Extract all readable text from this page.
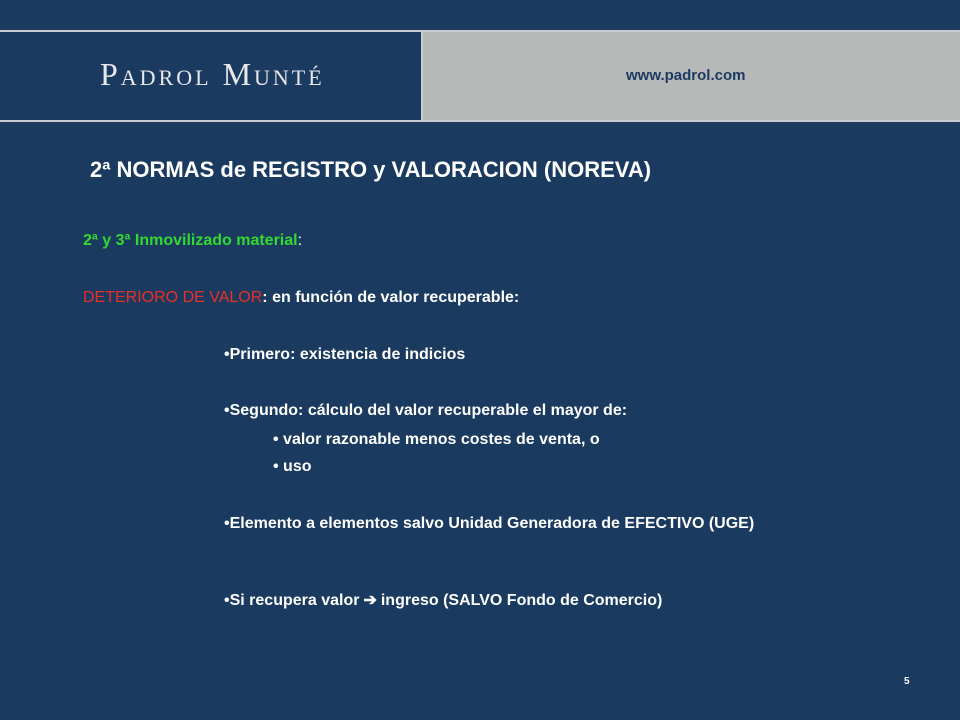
Padrol Munté	www.padrol.com
2ª NORMAS de REGISTRO y VALORACION (NOREVA)
2ª y 3ª Inmovilizado material:
DETERIORO DE VALOR: en función de valor recuperable:
•Primero: existencia de indicios
•Segundo: cálculo del valor recuperable el mayor de:
• valor razonable menos costes de venta, o
• uso
•Elemento a elementos salvo Unidad Generadora de EFECTIVO (UGE)
•Si recupera valor ➔ ingreso (SALVO Fondo de Comercio)
5
